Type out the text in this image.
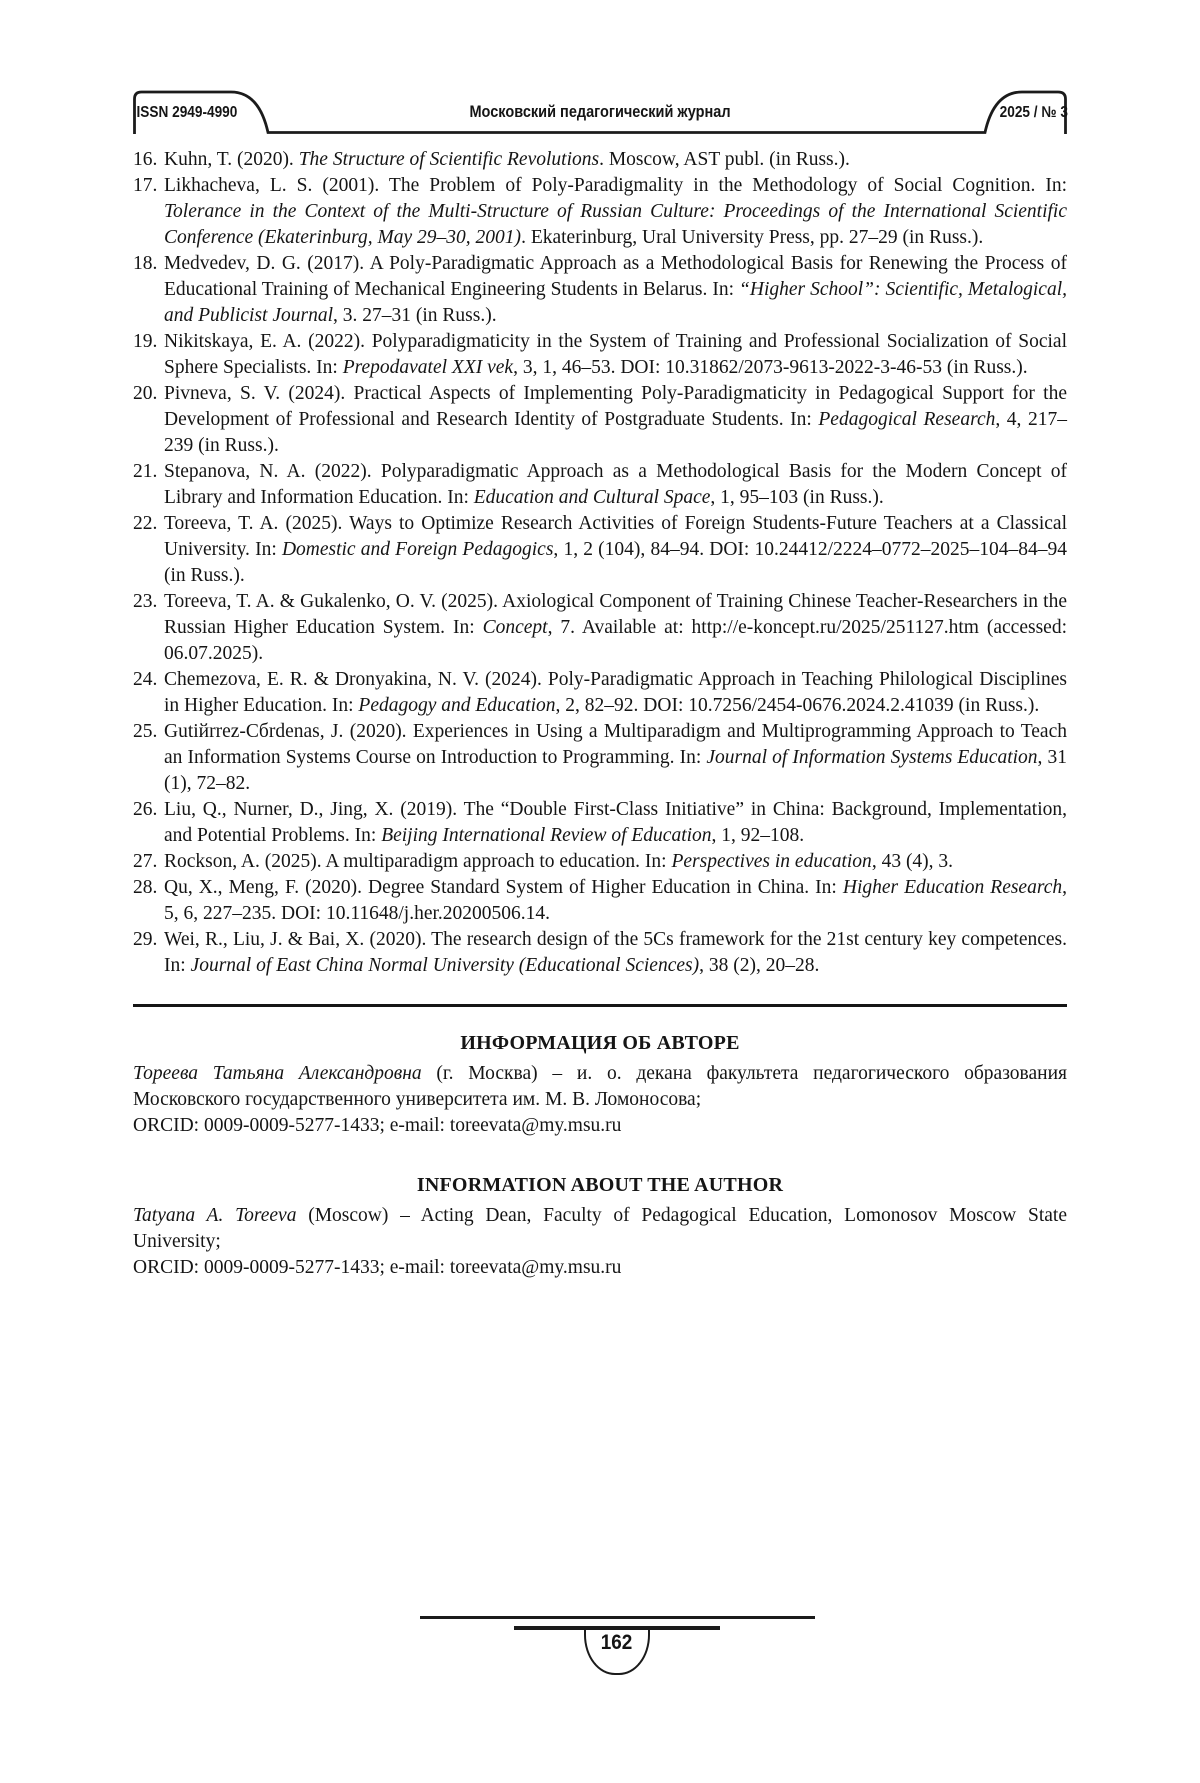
ISSN 2949-4990	Московский педагогический журнал	2025 / № 3
16. Kuhn, T. (2020). The Structure of Scientific Revolutions. Moscow, AST publ. (in Russ.).
17. Likhacheva, L. S. (2001). The Problem of Poly-Paradigmality in the Methodology of Social Cognition. In: Tolerance in the Context of the Multi-Structure of Russian Culture: Proceedings of the International Scientific Conference (Ekaterinburg, May 29–30, 2001). Ekaterinburg, Ural University Press, pp. 27–29 (in Russ.).
18. Medvedev, D. G. (2017). A Poly-Paradigmatic Approach as a Methodological Basis for Renewing the Process of Educational Training of Mechanical Engineering Students in Belarus. In: “Higher School”: Scientific, Metalogical, and Publicist Journal, 3. 27–31 (in Russ.).
19. Nikitskaya, E. A. (2022). Polyparadigmaticity in the System of Training and Professional Socialization of Social Sphere Specialists. In: Prepodavatel XXI vek, 3, 1, 46–53. DOI: 10.31862/2073-9613-2022-3-46-53 (in Russ.).
20. Pivneva, S. V. (2024). Practical Aspects of Implementing Poly-Paradigmaticity in Pedagogical Support for the Development of Professional and Research Identity of Postgraduate Students. In: Pedagogical Research, 4, 217–239 (in Russ.).
21. Stepanova, N. A. (2022). Polyparadigmatic Approach as a Methodological Basis for the Modern Concept of Library and Information Education. In: Education and Cultural Space, 1, 95–103 (in Russ.).
22. Toreeva, T. A. (2025). Ways to Optimize Research Activities of Foreign Students-Future Teachers at a Classical University. In: Domestic and Foreign Pedagogics, 1, 2 (104), 84–94. DOI: 10.24412/2224–0772–2025–104–84–94 (in Russ.).
23. Toreeva, T. A. & Gukalenko, O. V. (2025). Axiological Component of Training Chinese Teacher-Researchers in the Russian Higher Education System. In: Concept, 7. Available at: http://e-koncept.ru/2025/251127.htm (accessed: 06.07.2025).
24. Chemezova, E. R. & Dronyakina, N. V. (2024). Poly-Paradigmatic Approach in Teaching Philological Disciplines in Higher Education. In: Pedagogy and Education, 2, 82–92. DOI: 10.7256/2454-0676.2024.2.41039 (in Russ.).
25. Gutiйrrez-Cбrdenas, J. (2020). Experiences in Using a Multiparadigm and Multiprogramming Approach to Teach an Information Systems Course on Introduction to Programming. In: Journal of Information Systems Education, 31 (1), 72–82.
26. Liu, Q., Nurner, D., Jing, X. (2019). The “Double First-Class Initiative” in China: Background, Implementation, and Potential Problems. In: Beijing International Review of Education, 1, 92–108.
27. Rockson, A. (2025). A multiparadigm approach to education. In: Perspectives in education, 43 (4), 3.
28. Qu, X., Meng, F. (2020). Degree Standard System of Higher Education in China. In: Higher Education Research, 5, 6, 227–235. DOI: 10.11648/j.her.20200506.14.
29. Wei, R., Liu, J. & Bai, X. (2020). The research design of the 5Cs framework for the 21st century key competences. In: Journal of East China Normal University (Educational Sciences), 38 (2), 20–28.
ИНФОРМАЦИЯ ОБ АВТОРЕ

Тореева Татьяна Александровна (г. Москва) – и. о. декана факультета педагогического образования Московского государственного университета им. М. В. Ломоносова;

ORCID: 0009-0009-5277-1433; e-mail: toreevata@my.msu.ru

INFORMATION ABOUT THE AUTHOR

Tatyana A. Toreeva (Moscow) – Acting Dean, Faculty of Pedagogical Education, Lomonosov Moscow State University;

ORCID: 0009-0009-5277-1433; e-mail: toreevata@my.msu.ru

162
